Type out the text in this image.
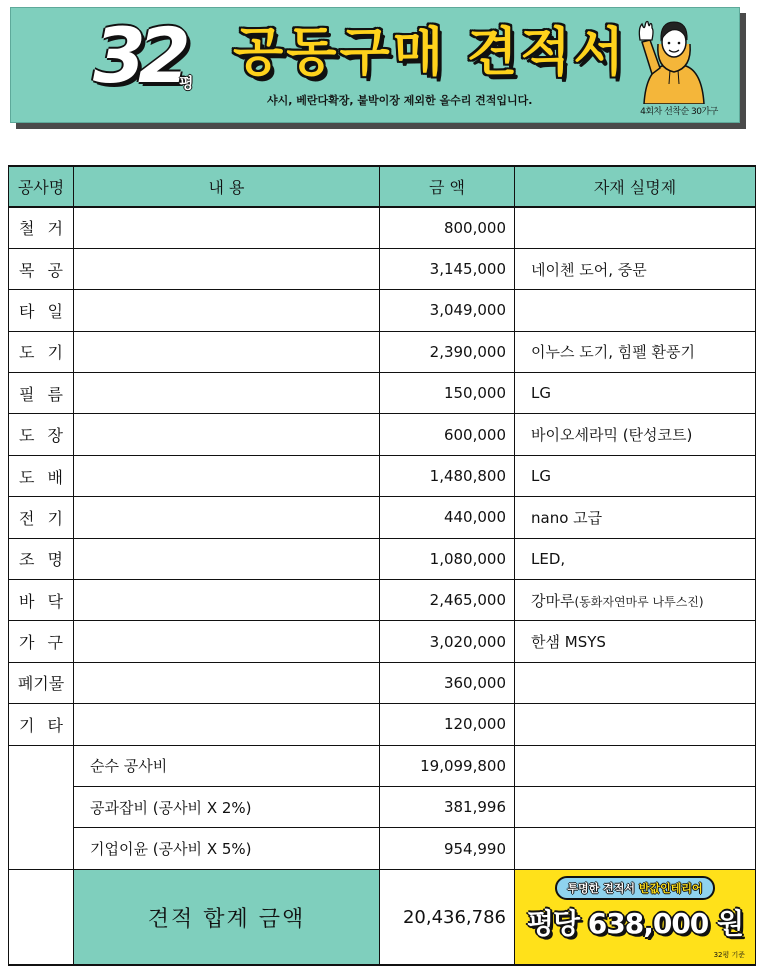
32
평 공동구매 견적서
샤시, 베란다확장, 붙박이장 제외한 올수리 견적입니다.
4회차 선착순 30가구
공사명	내 용	금 액	자재 실명제
철 거		800,000	
목 공		3,145,000	네이첸 도어, 중문
타 일		3,049,000	
도 기		2,390,000	이누스 도기, 힘펠 환풍기
필 름		150,000	LG
도 장		600,000	바이오세라믹 (탄성코트)
도 배		1,480,800	LG
전 기		440,000	nano 고급
조 명		1,080,000	LED,
바 닥		2,465,000	강마루(동화자연마루 나투스진)
가 구		3,020,000	한샘 MSYS
폐기물		360,000	
기 타		120,000	
	순수 공사비	19,099,800	
	공과잡비 (공사비 X 2%)	381,996	
	기업이윤 (공사비 X 5%)	954,990	
	견적 합계 금액	20,436,786	투명한 견적서 반값인테리어
평당 638,000 원
32평 기준
